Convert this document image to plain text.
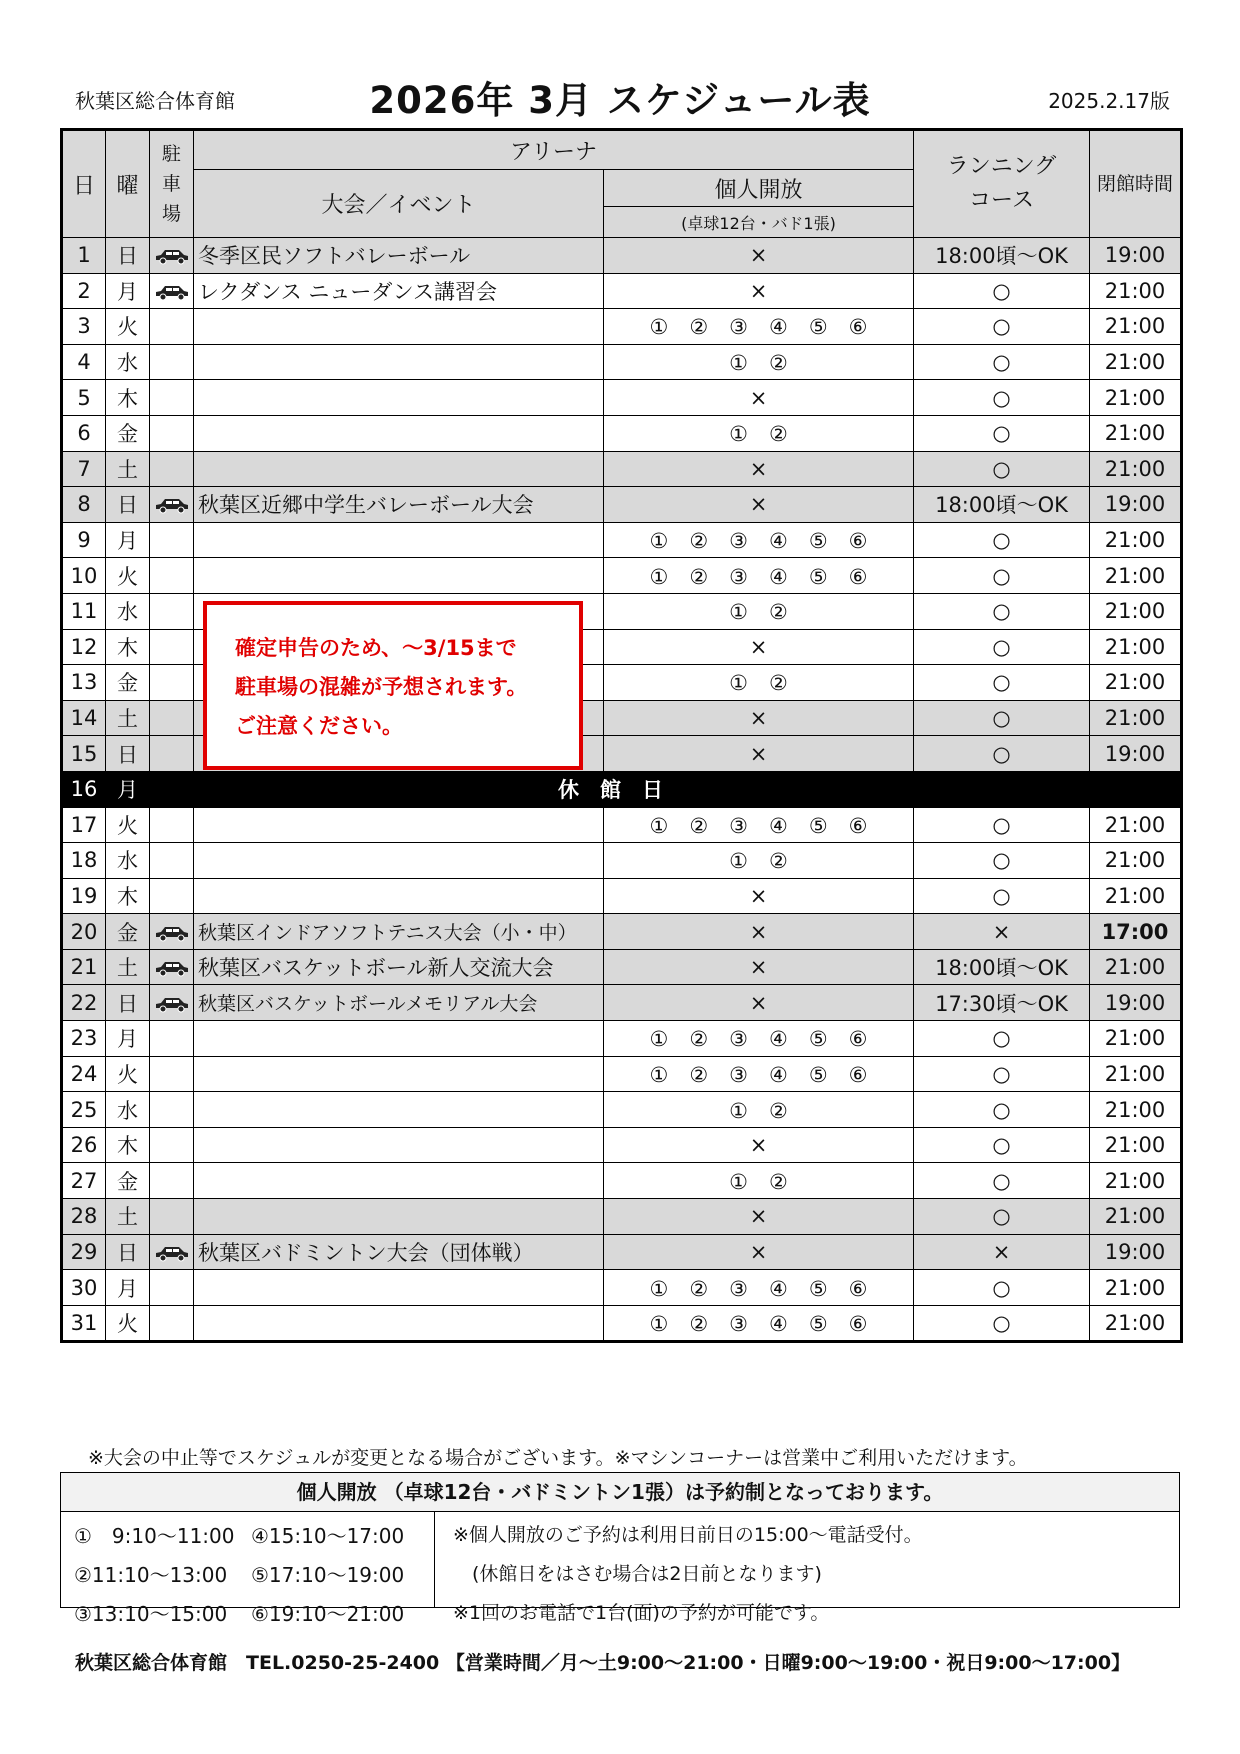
秋葉区総合体育館	2026年 3月 スケジュール表	2025.2.17版
日	曜	駐
車
場	アリーナ		ランニング
コース	閉館時間
			大会／イベント	個人開放		
				(卓球12台・バド1張)		
1	日		冬季区民ソフトバレーボール	×	18:00頃～OK	19:00
2	月		レクダンス ニューダンス講習会	×	○	21:00
3	火			①　②　③　④　⑤　⑥	○	21:00
4	水			①　②	○	21:00
5	木			×	○	21:00
6	金			①　②	○	21:00
7	土			×	○	21:00
8	日		秋葉区近郷中学生バレーボール大会	×	18:00頃～OK	19:00
9	月			①　②　③　④　⑤　⑥	○	21:00
10	火			①　②　③　④　⑤　⑥	○	21:00
11	水			①　②	○	21:00
12	木			×	○	21:00
13	金			①　②	○	21:00
14	土			×	○	21:00
15	日			×	○	19:00
16	月	休　館　日				
17	火			①　②　③　④　⑤　⑥	○	21:00
18	水			①　②	○	21:00
19	木			×	○	21:00
20	金		秋葉区インドアソフトテニス大会（小・中）	×	×	17:00
21	土		秋葉区バスケットボール新人交流大会	×	18:00頃～OK	21:00
22	日		秋葉区バスケットボールメモリアル大会	×	17:30頃～OK	19:00
23	月			①　②　③　④　⑤　⑥	○	21:00
24	火			①　②　③　④　⑤　⑥	○	21:00
25	水			①　②	○	21:00
26	木			×	○	21:00
27	金			①　②	○	21:00
28	土			×	○	21:00
29	日		秋葉区バドミントン大会（団体戦）	×	×	19:00
30	月			①　②　③　④　⑤　⑥	○	21:00
31	火			①　②　③　④　⑤　⑥	○	21:00
確定申告のため、～3/15まで
駐車場の混雑が予想されます。
ご注意ください。
※大会の中止等でスケジュルが変更となる場合がございます。※マシンコーナーは営業中ご利用いただけます。
個人開放 （卓球12台・バドミントン1張）は予約制となっております。
①　9:10～11:00 ④15:10～17:00
②11:10～13:00 ⑤17:10～19:00
③13:10～15:00 ⑥19:10～21:00
※個人開放のご予約は利用日前日の15:00～電話受付。
　(休館日をはさむ場合は2日前となります)
※1回のお電話で1台(面)の予約が可能です。
秋葉区総合体育館　TEL.0250-25-2400 【営業時間／月～土9:00～21:00・日曜9:00～19:00・祝日9:00～17:00】
